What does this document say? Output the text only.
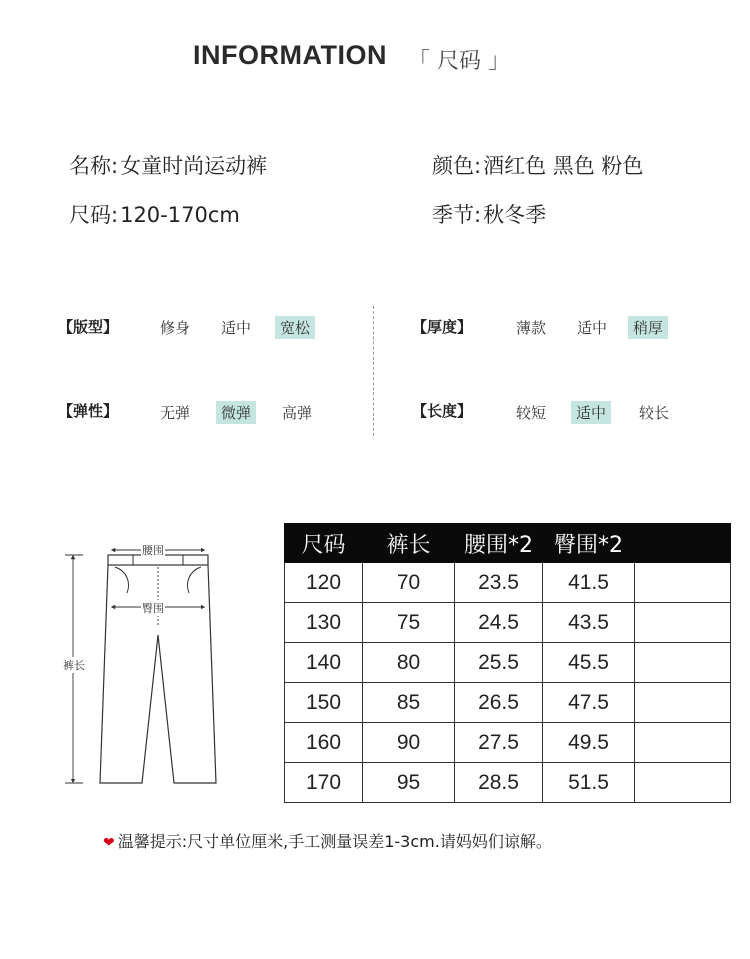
INFORMATION 「 尺码 」
名称:女童时尚运动裤	颜色:酒红色 黑色 粉色
尺码:120-170cm	季节:秋冬季
【版型】	修身	适中	宽松	【厚度】	薄款	适中	稍厚
【弹性】	无弹	微弹	高弹	【长度】	较短	适中	较长
腰围
臀围
裤长
尺码	裤长	腰围*2	臀围*2	
120	70	23.5	41.5	
130	75	24.5	43.5	
140	80	25.5	45.5	
150	85	26.5	47.5	
160	90	27.5	49.5	
170	95	28.5	51.5	
❤ 温馨提示:尺寸单位厘米,手工测量误差1-3cm.请妈妈们谅解。
